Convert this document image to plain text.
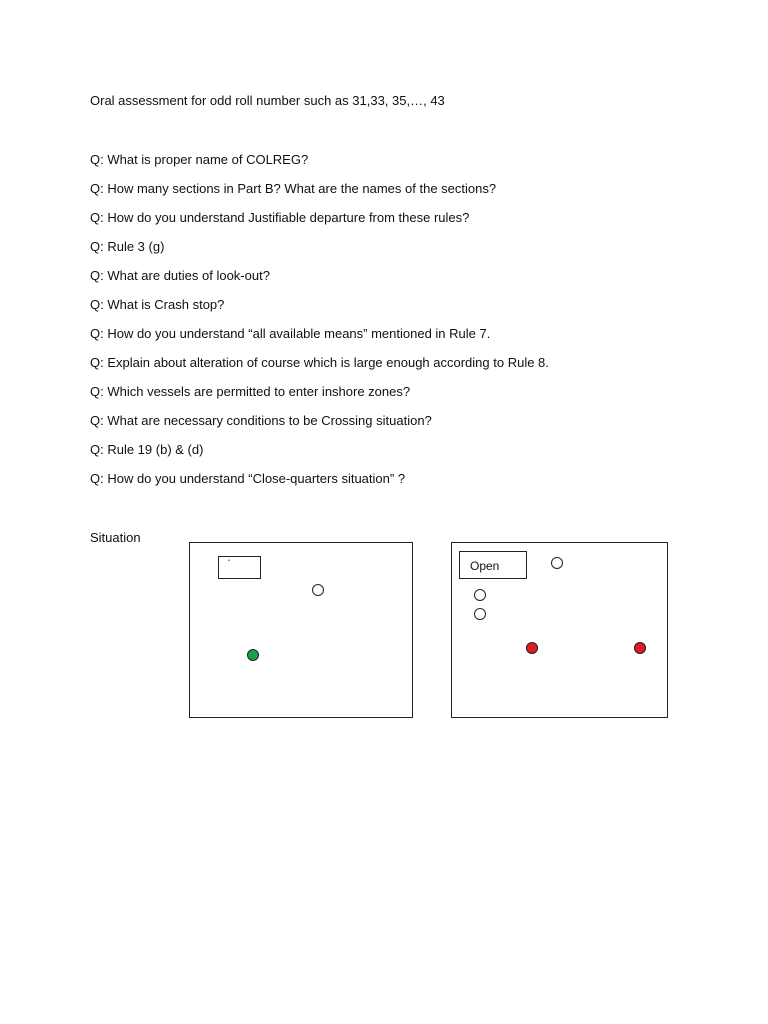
Oral assessment for odd roll number such as 31,33, 35,…, 43
Q: What is proper name of COLREG?
Q: How many sections in Part B? What are the names of the sections?
Q: How do you understand Justifiable departure from these rules?
Q: Rule 3 (g)
Q: What are duties of look-out?
Q: What is Crash stop?
Q: How do you understand “all available means” mentioned in Rule 7.
Q: Explain about alteration of course which is large enough according to Rule 8.
Q: Which vessels are permitted to enter inshore zones?
Q: What are necessary conditions to be Crossing situation?
Q: Rule 19 (b) & (d)
Q: How do you understand “Close-quarters situation” ?
Situation
“	Open
